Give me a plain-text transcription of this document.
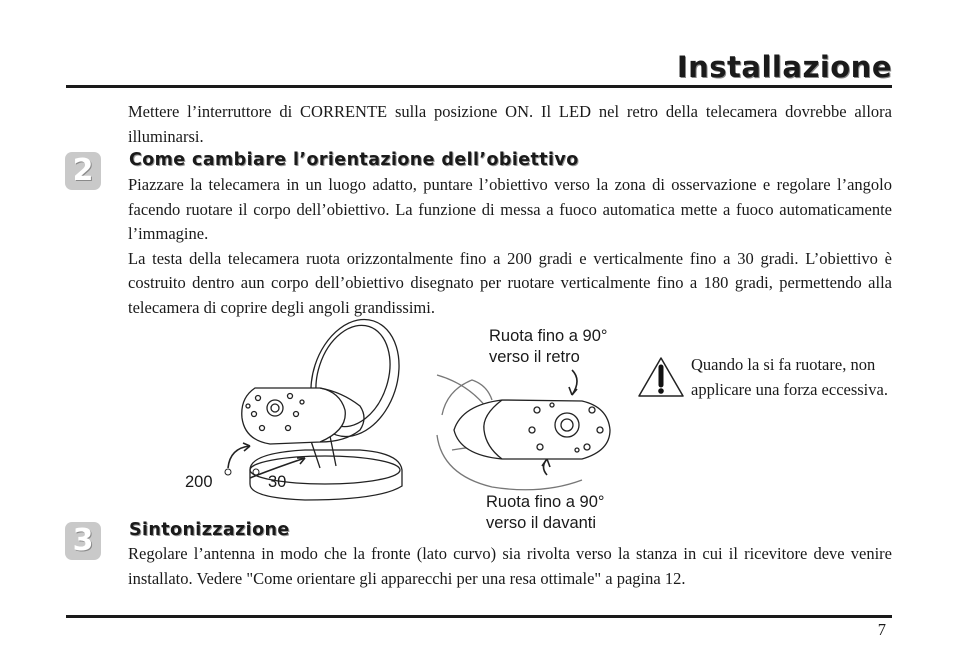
Installazione

Mettere l’interruttore di CORRENTE sulla posizione ON. Il LED nel retro della telecamera dovrebbe allora illuminarsi.

2	Come cambiare l’orientazione dell’obiettivo

Piazzare la telecamera in un luogo adatto, puntare l’obiettivo verso la zona di osservazione e regolare l’angolo facendo ruotare il corpo dell’obiettivo. La funzione di messa a fuoco automatica mette a fuoco automaticamente l’immagine.

La testa della telecamera ruota orizzontalmente fino a 200 gradi e verticalmente fino a 30 gradi. L’obiettivo è costruito dentro aun corpo dell’obiettivo disegnato per ruotare verticalmente fino a 180 gradi, permettendo alla telecamera di coprire degli angoli grandissimi.

200	30
Ruota fino a 90°
verso il retro
Ruota fino a 90°
verso il davanti
Quando la si fa ruotare, non applicare una forza eccessiva.
3	Sintonizzazione

Regolare l’antenna in modo che la fronte (lato curvo) sia rivolta verso la stanza in cui il ricevitore deve venire installato. Vedere "Come orientare gli apparecchi per una resa ottimale" a pagina 12.

7
